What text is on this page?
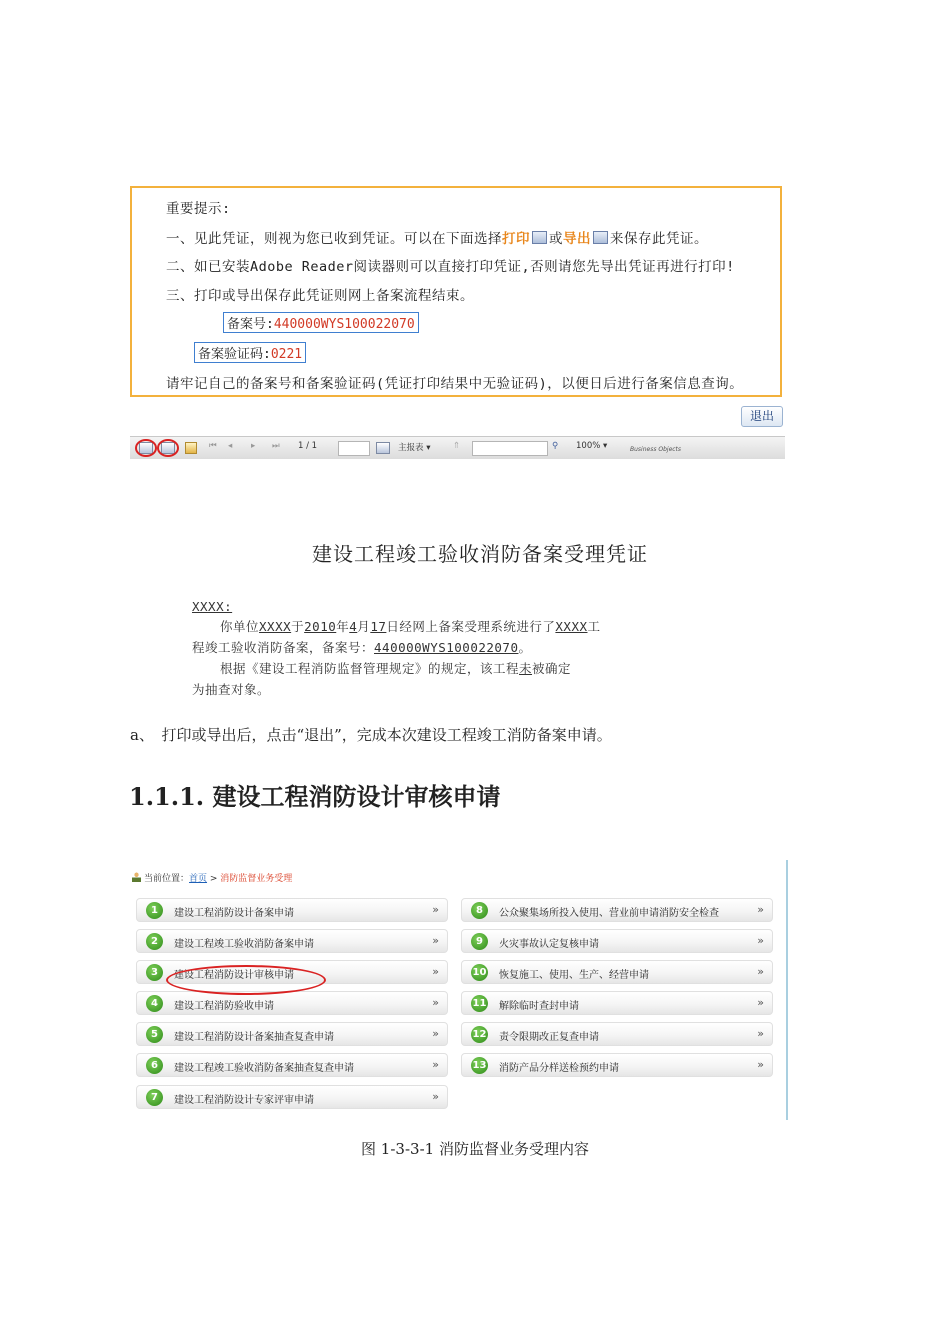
重要提示:
一、见此凭证，则视为您已收到凭证。可以在下面选择打印 或导出 来保存此凭证。
二、如已安装Adobe Reader阅读器则可以直接打印凭证,否则请您先导出凭证再进行打印!
三、打印或导出保存此凭证则网上备案流程结束。
备案号:440000WYS100022070
备案验证码:0221
请牢记自己的备案号和备案验证码(凭证打印结果中无验证码)，以便日后进行备案信息查询。
退出
⏮ ◂ ▸ ⏭ 1 / 1	主报表 ▾	⇑	⚲ 100% ▾	Business Objects
建设工程竣工验收消防备案受理凭证
XXXX:
你单位XXXX于2010年4月17日经网上备案受理系统进行了XXXX工
程竣工验收消防备案，备案号：440000WYS100022070。
根据《建设工程消防监督管理规定》的规定，该工程未被确定
为抽查对象。
a、　打印或导出后，点击“退出”，完成本次建设工程竣工消防备案申请。
1.1.1. 建设工程消防设计审核申请
当前位置：首页 > 消防监督业务受理
1	建设工程消防设计备案申请	»
2	建设工程竣工验收消防备案申请	»
3	建设工程消防设计审核申请	»
4	建设工程消防验收申请	»
5	建设工程消防设计备案抽查复查申请	»
6	建设工程竣工验收消防备案抽查复查申请	»
7	建设工程消防设计专家评审申请	»
8	公众聚集场所投入使用、营业前申请消防安全检查	»
9	火灾事故认定复核申请	»
10 恢复施工、使用、生产、经营申请	»
11 解除临时查封申请	»
12 责令限期改正复查申请	»
13 消防产品分样送检预约申请	»
图 1-3-3-1 消防监督业务受理内容
